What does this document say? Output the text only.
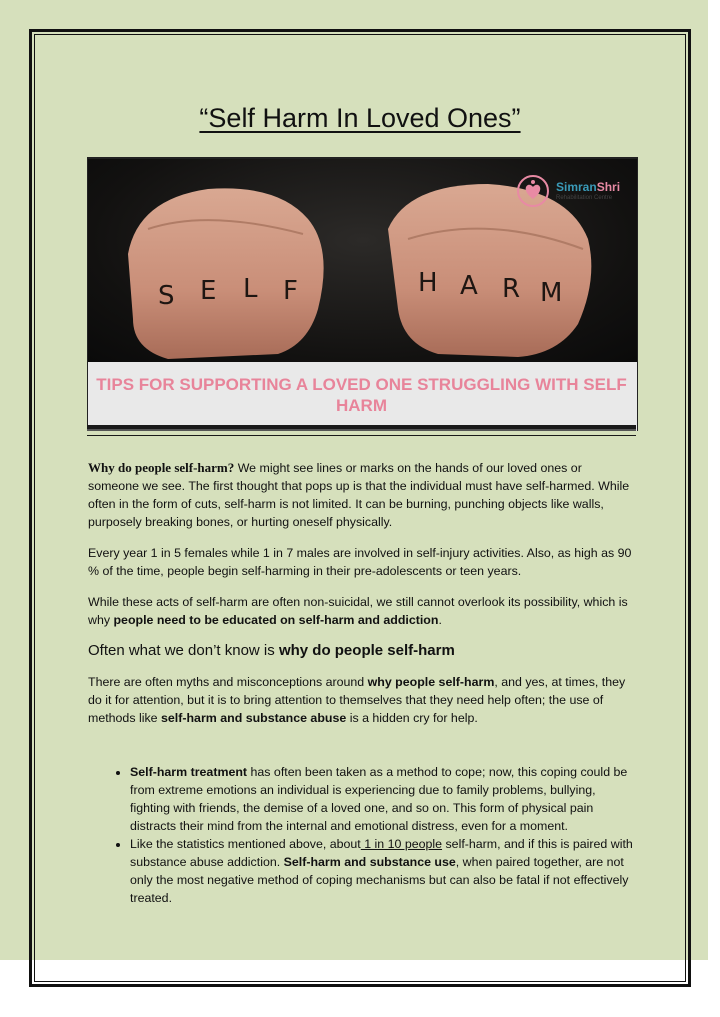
“Self Harm In Loved Ones”
S E L F	H A R M
SimranShri
Rehabilitation Centre
TIPS FOR SUPPORTING A LOVED ONE STRUGGLING WITH SELF HARM

Why do people self-harm? We might see lines or marks on the hands of our loved ones or someone we see. The first thought that pops up is that the individual must have self-harmed. While often in the form of cuts, self-harm is not limited. It can be burning, punching objects like walls, purposely breaking bones, or hurting oneself physically.

Every year 1 in 5 females while 1 in 7 males are involved in self-injury activities. Also, as high as 90 % of the time, people begin self-harming in their pre-adolescents or teen years.

While these acts of self-harm are often non-suicidal, we still cannot overlook its possibility, which is why people need to be educated on self-harm and addiction.

Often what we don’t know is why do people self-harm

There are often myths and misconceptions around why people self-harm, and yes, at times, they do it for attention, but it is to bring attention to themselves that they need help often; the use of methods like self-harm and substance abuse is a hidden cry for help.

• Self-harm treatment has often been taken as a method to cope; now, this coping could be from extreme emotions an individual is experiencing due to family problems, bullying, fighting with friends, the demise of a loved one, and so on. This form of physical pain distracts their mind from the internal and emotional distress, even for a moment.
• Like the statistics mentioned above, about 1 in 10 people self-harm, and if this is paired with substance abuse addiction. Self-harm and substance use, when paired together, are not only the most negative method of coping mechanisms but can also be fatal if not effectively treated.
